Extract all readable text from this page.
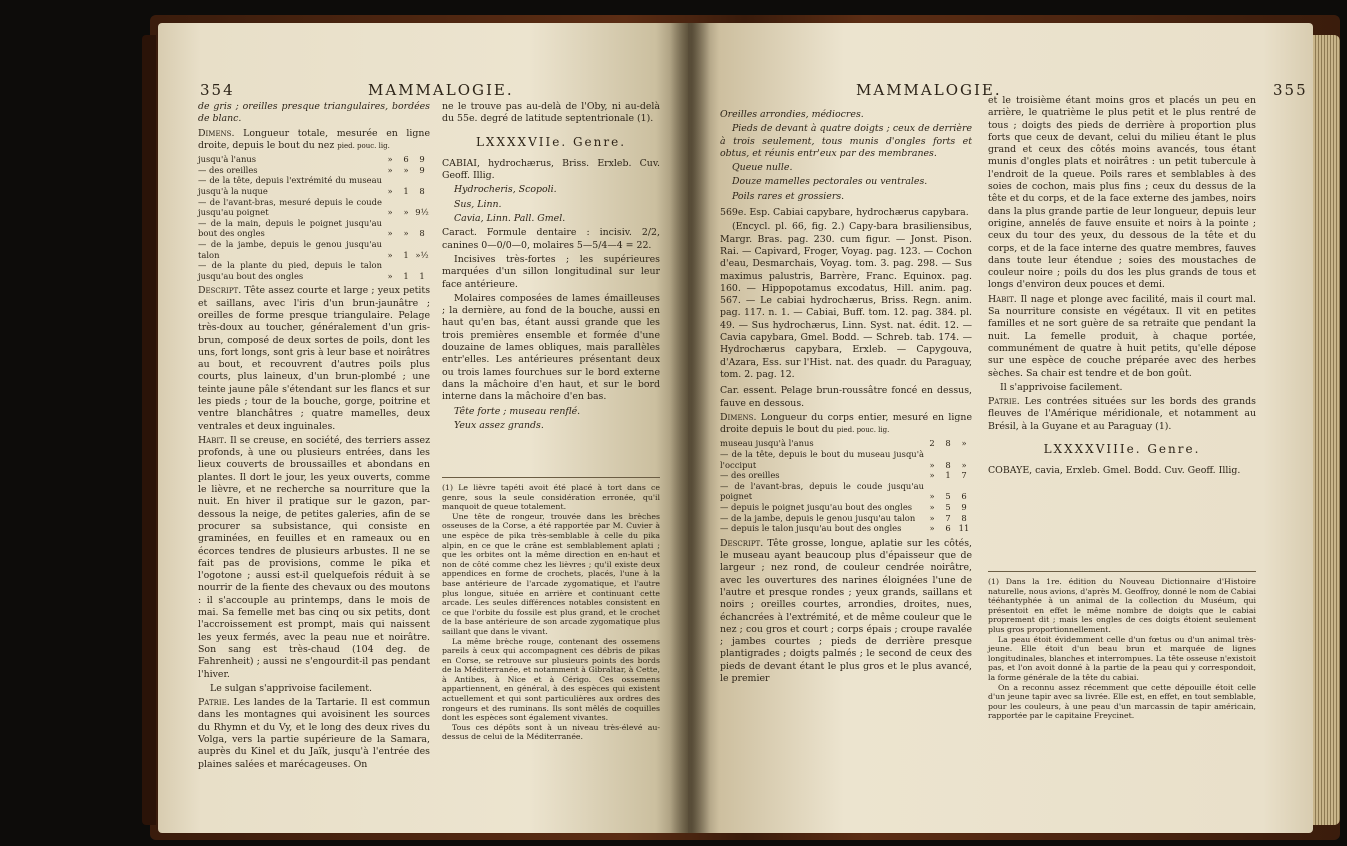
354	MAMMALOGIE.

de gris ; oreilles presque triangulaires, bordées de blanc.

Dimens. Longueur totale, mesurée en ligne droite, depuis le bout du nez pied. pouc. lig.

jusqu'à l'anus	»	6	9
— des oreilles	»	»	9
— de la tête, depuis l'extrémité du museau jusqu'à la nuque	»	1	8
— de l'avant-bras, mesuré depuis le coude jusqu'au poignet	»	»	9½
— de la main, depuis le poignet jusqu'au bout des ongles	»	»	8
— de la jambe, depuis le genou jusqu'au talon	»	1	»½
— de la plante du pied, depuis le talon jusqu'au bout des ongles	»	1	1

Descript. Tête assez courte et large ; yeux petits et saillans, avec l'iris d'un brun-jaunâtre ; oreilles de forme presque triangulaire. Pelage très-doux au toucher, généralement d'un gris-brun, composé de deux sortes de poils, dont les uns, fort longs, sont gris à leur base et noirâtres au bout, et recouvrent d'autres poils plus courts, plus laineux, d'un brun-plombé ; une teinte jaune pâle s'étendant sur les flancs et sur les pieds ; tour de la bouche, gorge, poitrine et ventre blanchâtres ; quatre mamelles, deux ventrales et deux inguinales.

Habit. Il se creuse, en société, des terriers assez profonds, à une ou plusieurs entrées, dans les lieux couverts de broussailles et abondans en plantes. Il dort le jour, les yeux ouverts, comme le lièvre, et ne recherche sa nourriture que la nuit. En hiver il pratique sur le gazon, par-dessous la neige, de petites galeries, afin de se procurer sa subsistance, qui consiste en graminées, en feuilles et en rameaux ou en écorces tendres de plusieurs arbustes. Il ne se fait pas de provisions, comme le pika et l'ogotone ; aussi est-il quelquefois réduit à se nourrir de la fiente des chevaux ou des moutons : il s'accouple au printemps, dans le mois de mai. Sa femelle met bas cinq ou six petits, dont l'accroissement est prompt, mais qui naissent les yeux fermés, avec la peau nue et noirâtre. Son sang est très-chaud (104 deg. de Fahrenheit) ; aussi ne s'engourdit-il pas pendant l'hiver.

Le sulgan s'apprivoise facilement.

Patrie. Les landes de la Tartarie. Il est commun dans les montagnes qui avoisinent les sources du Rhymn et du Vy, et le long des deux rives du Volga, vers la partie supérieure de la Samara, auprès du Kinel et du Jaïk, jusqu'à l'entrée des plaines salées et marécageuses. On

ne le trouve pas au-delà de l'Oby, ni au-delà du 55e. degré de latitude septentrionale (1).

LXXXXVIIe. Genre.

CABIAI, hydrochærus, Briss. Erxleb. Cuv. Geoff. Illig.

Hydrocheris, Scopoli.

Sus, Linn.

Cavia, Linn. Pall. Gmel.

Caract. Formule dentaire : incisiv. 2/2, canines 0—0/0—0, molaires 5—5/4—4 = 22.

Incisives très-fortes ; les supérieures marquées d'un sillon longitudinal sur leur face antérieure.

Molaires composées de lames émailleuses ; la dernière, au fond de la bouche, aussi en haut qu'en bas, étant aussi grande que les trois premières ensemble et formée d'une douzaine de lames obliques, mais parallèles entr'elles. Les antérieures présentant deux ou trois lames fourchues sur le bord externe dans la mâchoire d'en haut, et sur le bord interne dans la mâchoire d'en bas.

Tête forte ; museau renflé.

Yeux assez grands.

(1) Le lièvre tapéti avoit été placé à tort dans ce genre, sous la seule considération erronée, qu'il manquoit de queue totalement.

Une tête de rongeur, trouvée dans les brèches osseuses de la Corse, a été rapportée par M. Cuvier à une espèce de pika très-semblable à celle du pika alpin, en ce que le crâne est semblablement aplati ; que les orbites ont la même direction en en-haut et non de côté comme chez les lièvres ; qu'il existe deux appendices en forme de crochets, placés, l'une à la base antérieure de l'arcade zygomatique, et l'autre plus longue, située en arrière et continuant cette arcade. Les seules différences notables consistent en ce que l'orbite du fossile est plus grand, et le crochet de la base antérieure de son arcade zygomatique plus saillant que dans le vivant.

La même brèche rouge, contenant des ossemens pareils à ceux qui accompagnent ces débris de pikas en Corse, se retrouve sur plusieurs points des bords de la Méditerranée, et notamment à Gibraltar, à Cette, à Antibes, à Nice et à Cérigo. Ces ossemens appartiennent, en général, à des espèces qui existent actuellement et qui sont particulières aux ordres des rongeurs et des ruminans. Ils sont mêlés de coquilles dont les espèces sont également vivantes.

Tous ces dépôts sont à un niveau très-élevé au-dessus de celui de la Méditerranée.

MAMMALOGIE.	355

Oreilles arrondies, médiocres.

Pieds de devant à quatre doigts ; ceux de derrière à trois seulement, tous munis d'ongles forts et obtus, et réunis entr'eux par des membranes.

Queue nulle.

Douze mamelles pectorales ou ventrales.

Poils rares et grossiers.

569e. Esp. Cabiai capybare, hydrochærus capybara.

(Encycl. pl. 66, fig. 2.) Capy-bara brasiliensibus, Margr. Bras. pag. 230. cum figur. — Jonst. Pison. Rai. — Capivard, Froger, Voyag. pag. 123. — Cochon d'eau, Desmarchais, Voyag. tom. 3. pag. 298. — Sus maximus palustris, Barrère, Franc. Equinox. pag. 160. — Hippopotamus excodatus, Hill. anim. pag. 567. — Le cabiai hydrochærus, Briss. Regn. anim. pag. 117. n. 1. — Cabiai, Buff. tom. 12. pag. 384. pl. 49. — Sus hydrochærus, Linn. Syst. nat. édit. 12. — Cavia capybara, Gmel. Bodd. — Schreb. tab. 174. — Hydrochærus capybara, Erxleb. — Capygouva, d'Azara, Ess. sur l'Hist. nat. des quadr. du Paraguay, tom. 2. pag. 12.

Car. essent. Pelage brun-roussâtre foncé en dessus, fauve en dessous.

Dimens. Longueur du corps entier, mesuré en ligne droite depuis le bout du pied. pouc. lig.

museau jusqu'à l'anus	2	8	»
— de la tête, depuis le bout du museau jusqu'à l'occiput	»	8	»
— des oreilles	»	1	7
— de l'avant-bras, depuis le coude jusqu'au poignet	»	5	6
— depuis le poignet jusqu'au bout des ongles	»	5	9
— de la jambe, depuis le genou jusqu'au talon	»	7	8
— depuis le talon jusqu'au bout des ongles	»	6	11

Descript. Tête grosse, longue, aplatie sur les côtés, le museau ayant beaucoup plus d'épaisseur que de largeur ; nez rond, de couleur cendrée noirâtre, avec les ouvertures des narines éloignées l'une de l'autre et presque rondes ; yeux grands, saillans et noirs ; oreilles courtes, arrondies, droites, nues, échancrées à l'extrémité, et de même couleur que le nez ; cou gros et court ; corps épais ; croupe ravalée ; jambes courtes ; pieds de derrière presque plantigrades ; doigts palmés ; le second de ceux des pieds de devant étant le plus gros et le plus avancé, le premier

et le troisième étant moins gros et placés un peu en arrière, le quatrième le plus petit et le plus rentré de tous ; doigts des pieds de derrière à proportion plus forts que ceux de devant, celui du milieu étant le plus grand et ceux des côtés moins avancés, tous étant munis d'ongles plats et noirâtres : un petit tubercule à l'endroit de la queue. Poils rares et semblables à des soies de cochon, mais plus fins ; ceux du dessus de la tête et du corps, et de la face externe des jambes, noirs dans la plus grande partie de leur longueur, depuis leur origine, annelés de fauve ensuite et noirs à la pointe ; ceux du tour des yeux, du dessous de la tête et du corps, et de la face interne des quatre membres, fauves dans toute leur étendue ; soies des moustaches de couleur noire ; poils du dos les plus grands de tous et longs d'environ deux pouces et demi.

Habit. Il nage et plonge avec facilité, mais il court mal. Sa nourriture consiste en végétaux. Il vit en petites familles et ne sort guère de sa retraite que pendant la nuit. La femelle produit, à chaque portée, communément de quatre à huit petits, qu'elle dépose sur une espèce de couche préparée avec des herbes sèches. Sa chair est tendre et de bon goût.

Il s'apprivoise facilement.

Patrie. Les contrées situées sur les bords des grands fleuves de l'Amérique méridionale, et notamment au Brésil, à la Guyane et au Paraguay (1).

LXXXXVIIIe. Genre.

COBAYE, cavia, Erxleb. Gmel. Bodd. Cuv. Geoff. Illig.

(1) Dans la 1re. édition du Nouveau Dictionnaire d'Histoire naturelle, nous avions, d'après M. Geoffroy, donné le nom de Cabiai tééhantyphée à un animal de la collection du Muséum, qui présentoit en effet le même nombre de doigts que le cabiai proprement dit ; mais les ongles de ces doigts étoient seulement plus gros proportionnellement.

La peau étoit évidemment celle d'un fœtus ou d'un animal très-jeune. Elle étoit d'un beau brun et marquée de lignes longitudinales, blanches et interrompues. La tête osseuse n'existoit pas, et l'on avoit donné à la partie de la peau qui y correspondoit, la forme générale de la tête du cabiai.

On a reconnu assez récemment que cette dépouille étoit celle d'un jeune tapir avec sa livrée. Elle est, en effet, en tout semblable, pour les couleurs, à une peau d'un marcassin de tapir américain, rapportée par le capitaine Freycinet.
